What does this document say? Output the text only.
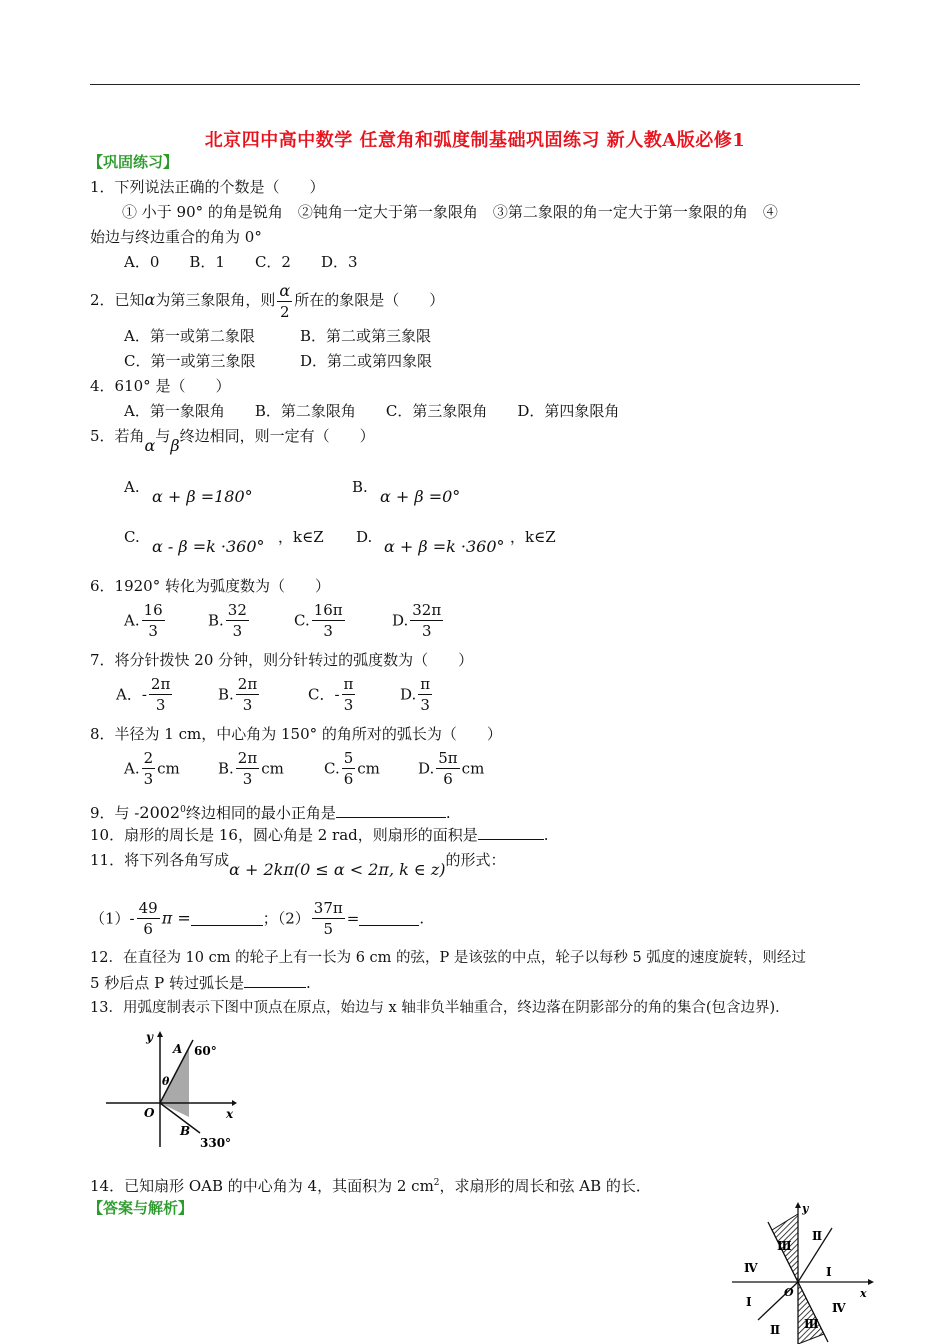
北京四中高中数学 任意角和弧度制基础巩固练习 新人教A版必修1
【巩固练习】
1．下列说法正确的个数是（　　）
① 小于 90° 的角是锐角　②钝角一定大于第一象限角　③第二象限的角一定大于第一象限的角　④
始边与终边重合的角为 0°
A．0　　B．1　　C．2　　D．3
2．已知α为第三象限角，则 $\frac{\alpha}{2}$ 所在的象限是（　　）
A．第一或第二象限	B．第二或第三象限
C．第一或第三象限	D．第二或第四象限
4．610° 是（　　）
A．第一象限角　　B．第二象限角　　C．第三象限角　　D．第四象限角
5．若角α与β终边相同，则一定有（　　）
A. α + β =180°	B. α + β =0°
C. α - β =k ·360° ，k∈Z D. α + β =k ·360° ，k∈Z
6．1920° 转化为弧度数为（　　）
A. $\frac{16}{3}$	B. $\frac{32}{3}$	C. $\frac{16\pi}{3}$	D. $\frac{32\pi}{3}$
7．将分针拨快 20 分钟，则分针转过的弧度数为（　　）
A．- $\frac{2\pi}{3}$	B. $\frac{2\pi}{3}$	C．- $\frac{\pi}{3}$	D. $\frac{\pi}{3}$
8．半径为 1 cm，中心角为 150° 的角所对的弧长为（　　）
A. $\frac{2}{3}$ cm	B. $\frac{2\pi}{3}$ cm	C. $\frac{5}{6}$ cm	D. $\frac{5\pi}{6}$ cm
9．与 -2002$^0$终边相同的最小正角是	.
10．扇形的周长是 16，圆心角是 2 rad，则扇形的面积是	.
11．将下列各角写成α + 2kπ(0 ≤ α < 2π, k ∈ z)的形式：
$(1)- \frac{49}{6}$ π =	；$(2) \frac{37\pi}{5}$ =	.
12．在直径为 10 cm 的轮子上有一长为 6 cm 的弦，P 是该弦的中点，轮子以每秒 5 弧度的速度旋转，则经过
5 秒后点 P 转过弧长是	.
13．用弧度制表示下图中顶点在原点，始边与 x 轴非负半轴重合，终边落在阴影部分的角的集合(包含边界)．
y
x
O
A
B
θ
60°
330°
14．已知扇形 OAB 的中心角为 4，其面积为 2 $cm^2$，求扇形的周长和弦 AB 的长．
【答案与解析】	y
x
O
Ⅱ
Ⅲ
Ⅳ	Ⅰ
Ⅰ	Ⅳ
Ⅱ Ⅲ
